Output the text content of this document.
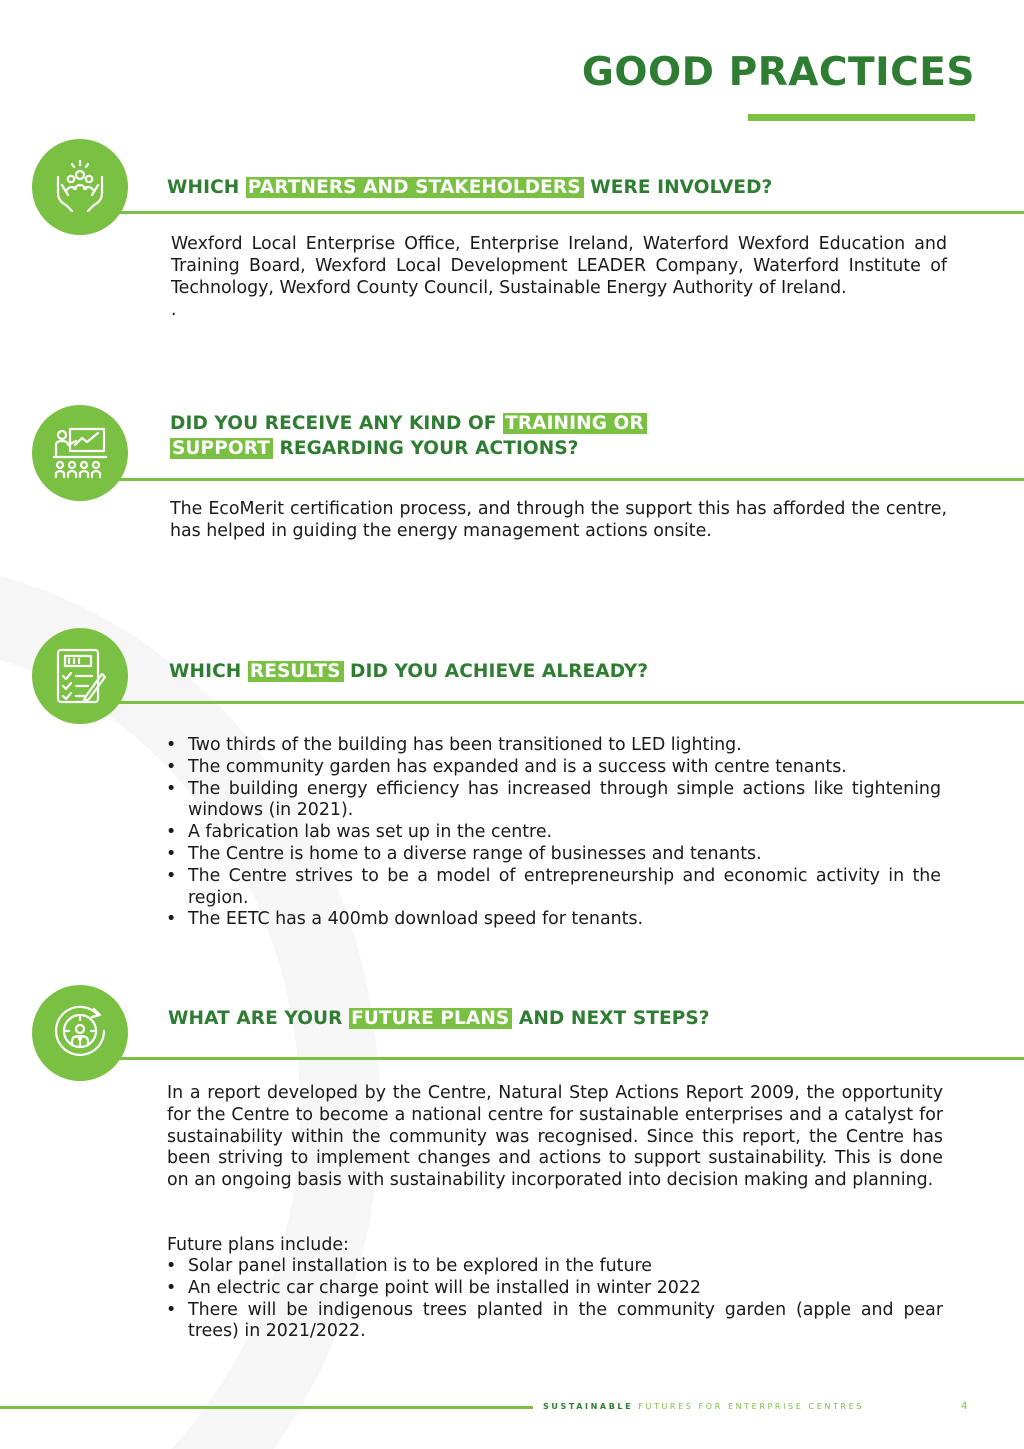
GOOD PRACTICES
WHICH PARTNERS AND STAKEHOLDERS WERE INVOLVED?

Wexford Local Enterprise Office, Enterprise Ireland, Waterford Wexford Education and Training Board, Wexford Local Development LEADER Company, Waterford Institute of Technology, Wexford County Council, Sustainable Energy Authority of Ireland.

.

DID YOU RECEIVE ANY KIND OF TRAINING OR
SUPPORT REGARDING YOUR ACTIONS?

The EcoMerit certification process, and through the support this has afforded the centre, has helped in guiding the energy management actions onsite.

WHICH RESULTS DID YOU ACHIEVE ALREADY?
• Two thirds of the building has been transitioned to LED lighting.
• The community garden has expanded and is a success with centre tenants.
• The building energy efficiency has increased through simple actions like tightening windows (in 2021).
• A fabrication lab was set up in the centre.
• The Centre is home to a diverse range of businesses and tenants.
• The Centre strives to be a model of entrepreneurship and economic activity in the region.
• The EETC has a 400mb download speed for tenants.
WHAT ARE YOUR FUTURE PLANS AND NEXT STEPS?

In a report developed by the Centre, Natural Step Actions Report 2009, the opportunity for the Centre to become a national centre for sustainable enterprises and a catalyst for sustainability within the community was recognised. Since this report, the Centre has been striving to implement changes and actions to support sustainability. This is done on an ongoing basis with sustainability incorporated into decision making and planning.

Future plans include:

• Solar panel installation is to be explored in the future
• An electric car charge point will be installed in winter 2022
• There will be indigenous trees planted in the community garden (apple and pear trees) in 2021/2022.
SUSTAINABLE FUTURES FOR ENTERPRISE CENTRES	4
